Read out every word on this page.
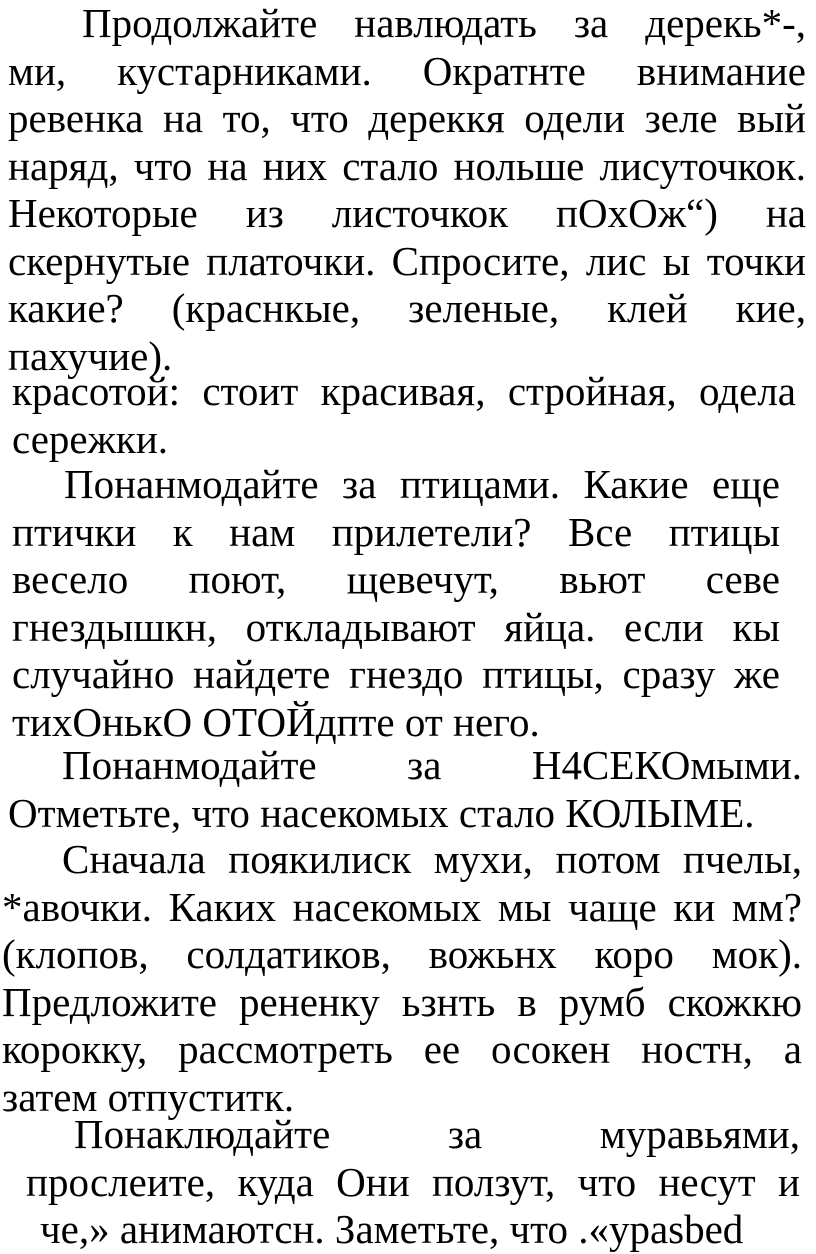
Продолжайте навлюдать за дерекь*-,
ми, кустарниками. Ократнте внимание
ревенка на то, что дереккя одели зеле вый
наряд, что на них стало нольше лисуточкок.
Некоторые из листочкок пОхОж“) на
скернутые платочки. Спросите, лис ы точки
какие? (краснкые, зеленые, клей кие,
пахучие).
красотой: стоит красивая, стройная, одела
сережки.
Понанмодайте за птицами. Какие еще
птички к нам прилетели? Все птицы
весело поют, щевечут, вьют севе
гнездышкн, откладывают яйца. если кы
случайно найдете гнездо птицы, сразу же
тихОнькО ОТОЙдпте от него.
Понанмодайте за Н4СЕКОмыми.
Отметьте, что насекомых стало КОЛЫМЕ.
Сначала поякилиск мухи, потом пчелы,
*авочки. Каких насекомых мы чаще ки мм?
(клопов, солдатиков, вожьнх коро мок).
Предложите рененку ьзнть в румб скожкю
корокку, рассмотреть ее осокен ностн, а
затем отпуститк.
Понаклюдайте за муравьями,
прослеите, куда Они ползут, что несут и
че,» анимаютсн. Заметьте, что .«yрasbed
